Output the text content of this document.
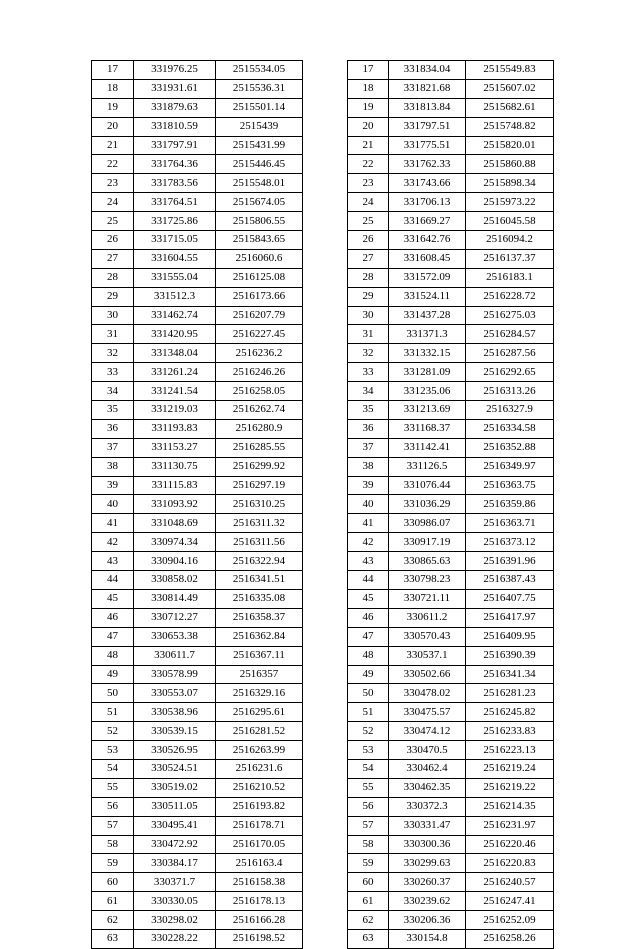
17	331976.25	2515534.05
18	331931.61	2515536.31
19	331879.63	2515501.14
20	331810.59	2515439
21	331797.91	2515431.99
22	331764.36	2515446.45
23	331783.56	2515548.01
24	331764.51	2515674.05
25	331725.86	2515806.55
26	331715.05	2515843.65
27	331604.55	2516060.6
28	331555.04	2516125.08
29	331512.3	2516173.66
30	331462.74	2516207.79
31	331420.95	2516227.45
32	331348.04	2516236.2
33	331261.24	2516246.26
34	331241.54	2516258.05
35	331219.03	2516262.74
36	331193.83	2516280.9
37	331153.27	2516285.55
38	331130.75	2516299.92
39	331115.83	2516297.19
40	331093.92	2516310.25
41	331048.69	2516311.32
42	330974.34	2516311.56
43	330904.16	2516322.94
44	330858.02	2516341.51
45	330814.49	2516335.08
46	330712.27	2516358.37
47	330653.38	2516362.84
48	330611.7	2516367.11
49	330578.99	2516357
50	330553.07	2516329.16
51	330538.96	2516295.61
52	330539.15	2516281.52
53	330526.95	2516263.99
54	330524.51	2516231.6
55	330519.02	2516210.52
56	330511.05	2516193.82
57	330495.41	2516178.71
58	330472.92	2516170.05
59	330384.17	2516163.4
60	330371.7	2516158.38
61	330330.05	2516178.13
62	330298.02	2516166.28
63	330228.22	2516198.52
17	331834.04	2515549.83
18	331821.68	2515607.02
19	331813.84	2515682.61
20	331797.51	2515748.82
21	331775.51	2515820.01
22	331762.33	2515860.88
23	331743.66	2515898.34
24	331706.13	2515973.22
25	331669.27	2516045.58
26	331642.76	2516094.2
27	331608.45	2516137.37
28	331572.09	2516183.1
29	331524.11	2516228.72
30	331437.28	2516275.03
31	331371.3	2516284.57
32	331332.15	2516287.56
33	331281.09	2516292.65
34	331235.06	2516313.26
35	331213.69	2516327.9
36	331168.37	2516334.58
37	331142.41	2516352.88
38	331126.5	2516349.97
39	331076.44	2516363.75
40	331036.29	2516359.86
41	330986.07	2516363.71
42	330917.19	2516373.12
43	330865.63	2516391.96
44	330798.23	2516387.43
45	330721.11	2516407.75
46	330611.2	2516417.97
47	330570.43	2516409.95
48	330537.1	2516390.39
49	330502.66	2516341.34
50	330478.02	2516281.23
51	330475.57	2516245.82
52	330474.12	2516233.83
53	330470.5	2516223.13
54	330462.4	2516219.24
55	330462.35	2516219.22
56	330372.3	2516214.35
57	330331.47	2516231.97
58	330300.36	2516220.46
59	330299.63	2516220.83
60	330260.37	2516240.57
61	330239.62	2516247.41
62	330206.36	2516252.09
63	330154.8	2516258.26
